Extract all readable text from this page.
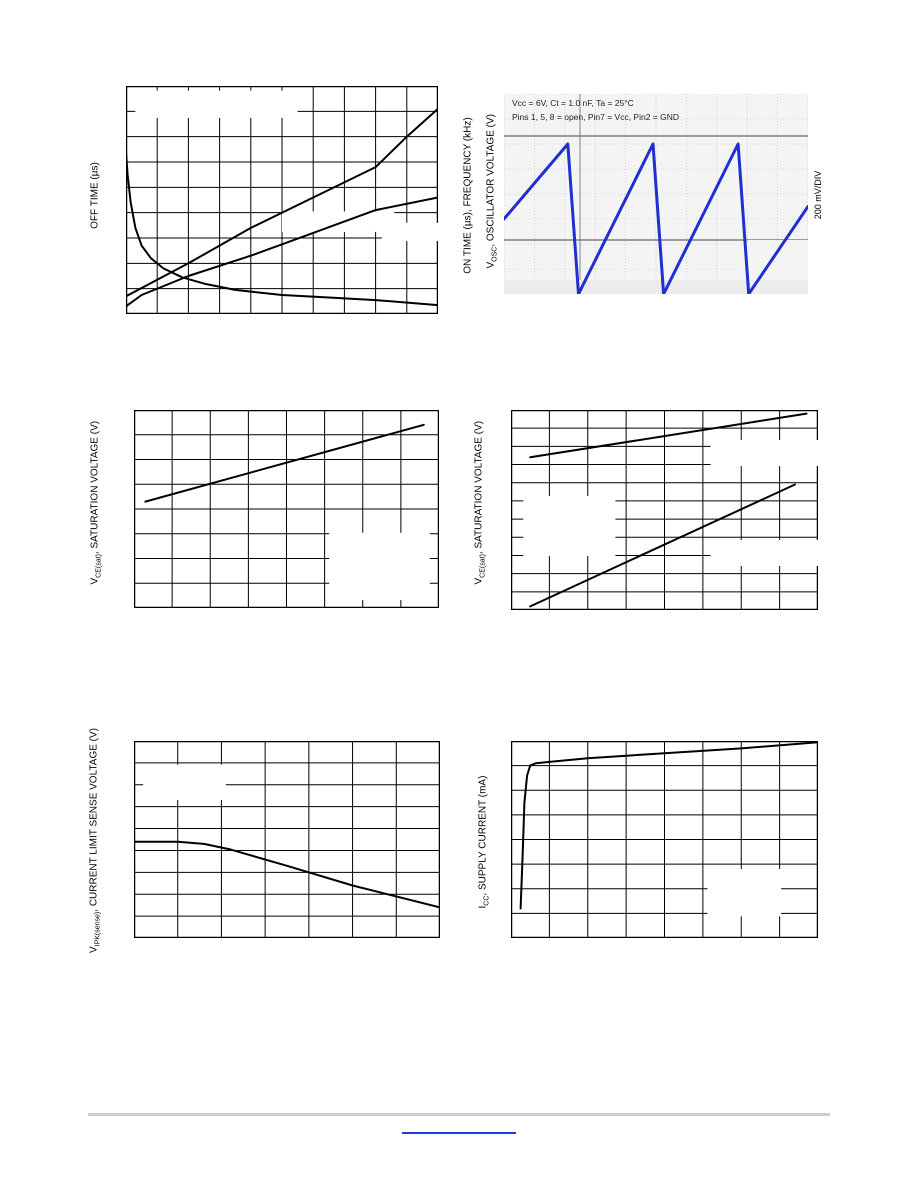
OFF TIME (µs)	ON TIME (µs), FREQUENCY (kHz) $V_{OSC}$, OSCILLATOR VOLTAGE (V)	200 mV/DIV
Vcc = 6V, Ct = 1.0 nF, Ta = 25°C
Pins 1, 5, 8 = open, Pin7 = Vcc, Pin2 = GND
$V_{CE(sat)}$, SATURATION VOLTAGE (V)
$V_{CE(sat)}$, SATURATION VOLTAGE (V)
$V_{IPK(sense)}$, CURRENT LIMIT SENSE VOLTAGE (V)	$I_{CC}$, SUPPLY CURRENT (mA)
